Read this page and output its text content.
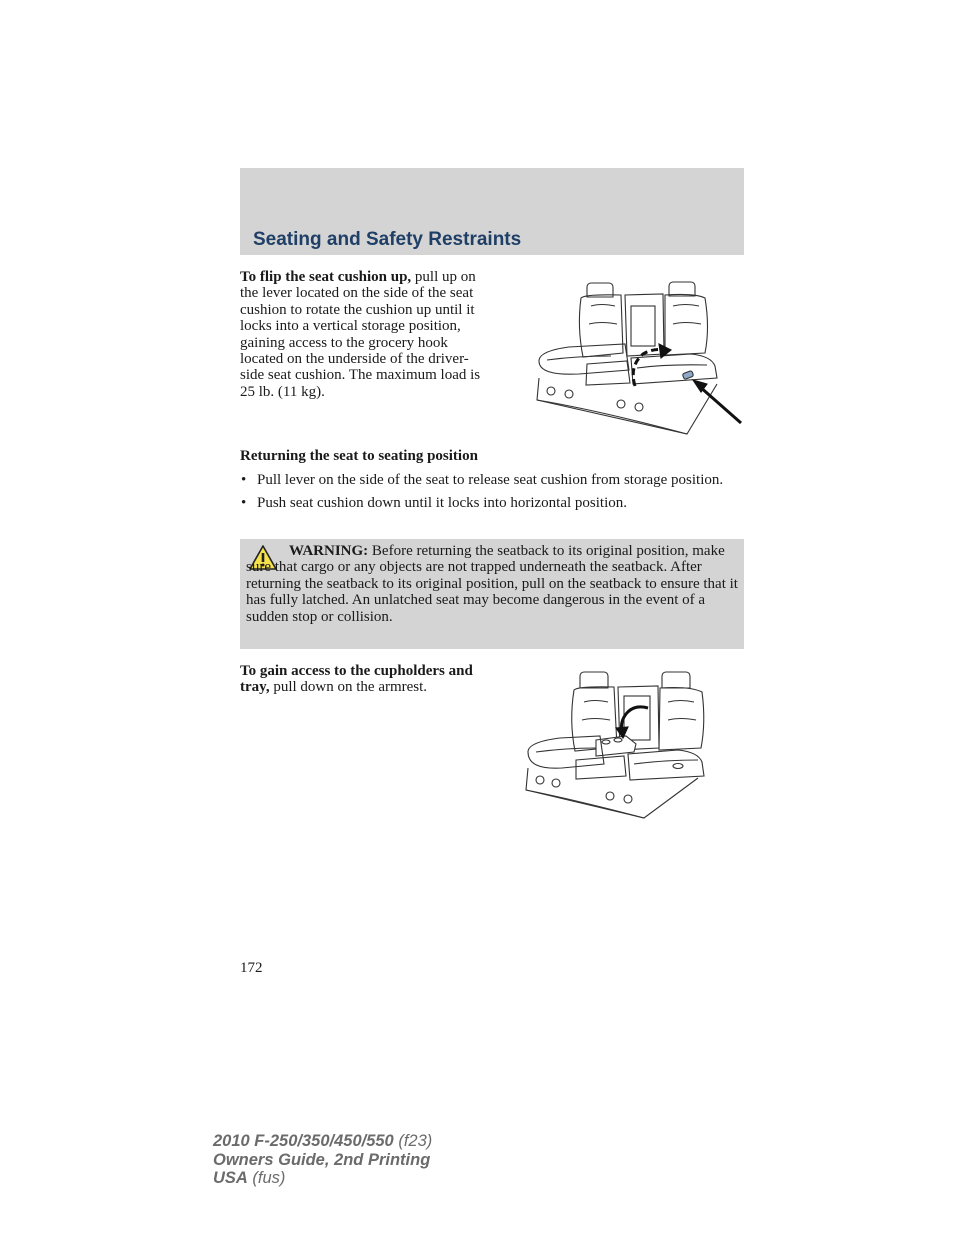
Seating and Safety Restraints

To flip the seat cushion up, pull up on the lever located on the side of the seat cushion to rotate the cushion up until it locks into a vertical storage position, gaining access to the grocery hook located on the underside of the driver-side seat cushion. The maximum load is 25 lb. (11 kg).

Returning the seat to seating position

• Pull lever on the side of the seat to release seat cushion from storage position.
• Push seat cushion down until it locks into horizontal position.

WARNING: Before returning the seatback to its original position, make sure that cargo or any objects are not trapped underneath the seatback. After returning the seatback to its original position, pull on the seatback to ensure that it has fully latched. An unlatched seat may become dangerous in the event of a sudden stop or collision.

To gain access to the cupholders and tray, pull down on the armrest.

172

2010 F-250/350/450/550 (f23)
Owners Guide, 2nd Printing
USA (fus)
